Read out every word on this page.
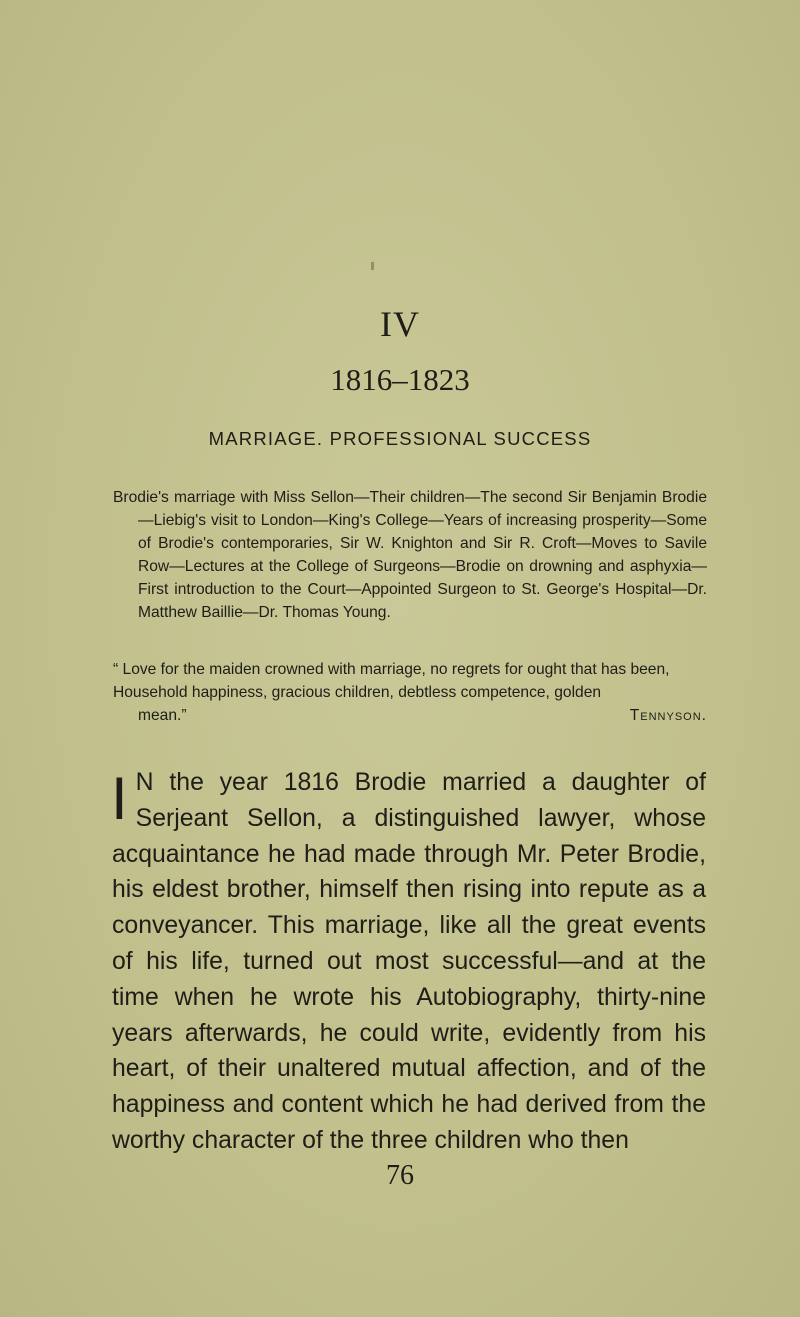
IV
1816–1823
MARRIAGE. PROFESSIONAL SUCCESS
Brodie's marriage with Miss Sellon—Their children—The second Sir Benjamin Brodie—Liebig's visit to London—King's College—Years of increasing prosperity—Some of Brodie's contemporaries, Sir W. Knighton and Sir R. Croft—Moves to Savile Row—Lectures at the College of Surgeons—Brodie on drowning and asphyxia—First introduction to the Court—Appointed Surgeon to St. George's Hospital—Dr. Matthew Baillie—Dr. Thomas Young.
“ Love for the maiden crowned with marriage, no regrets for ought that has been,
Household happiness, gracious children, debtless competence, golden
mean.”	Tennyson.
I N the year 1816 Brodie married a daughter of Serjeant Sellon, a distinguished lawyer, whose acquaintance he had made through Mr. Peter Brodie, his eldest brother, himself then rising into repute as a conveyancer. This marriage, like all the great events of his life, turned out most successful—and at the time when he wrote his Autobiography, thirty-nine years afterwards, he could write, evidently from his heart, of their unaltered mutual affection, and of the happiness and content which he had derived from the worthy character of the three children who then
76
